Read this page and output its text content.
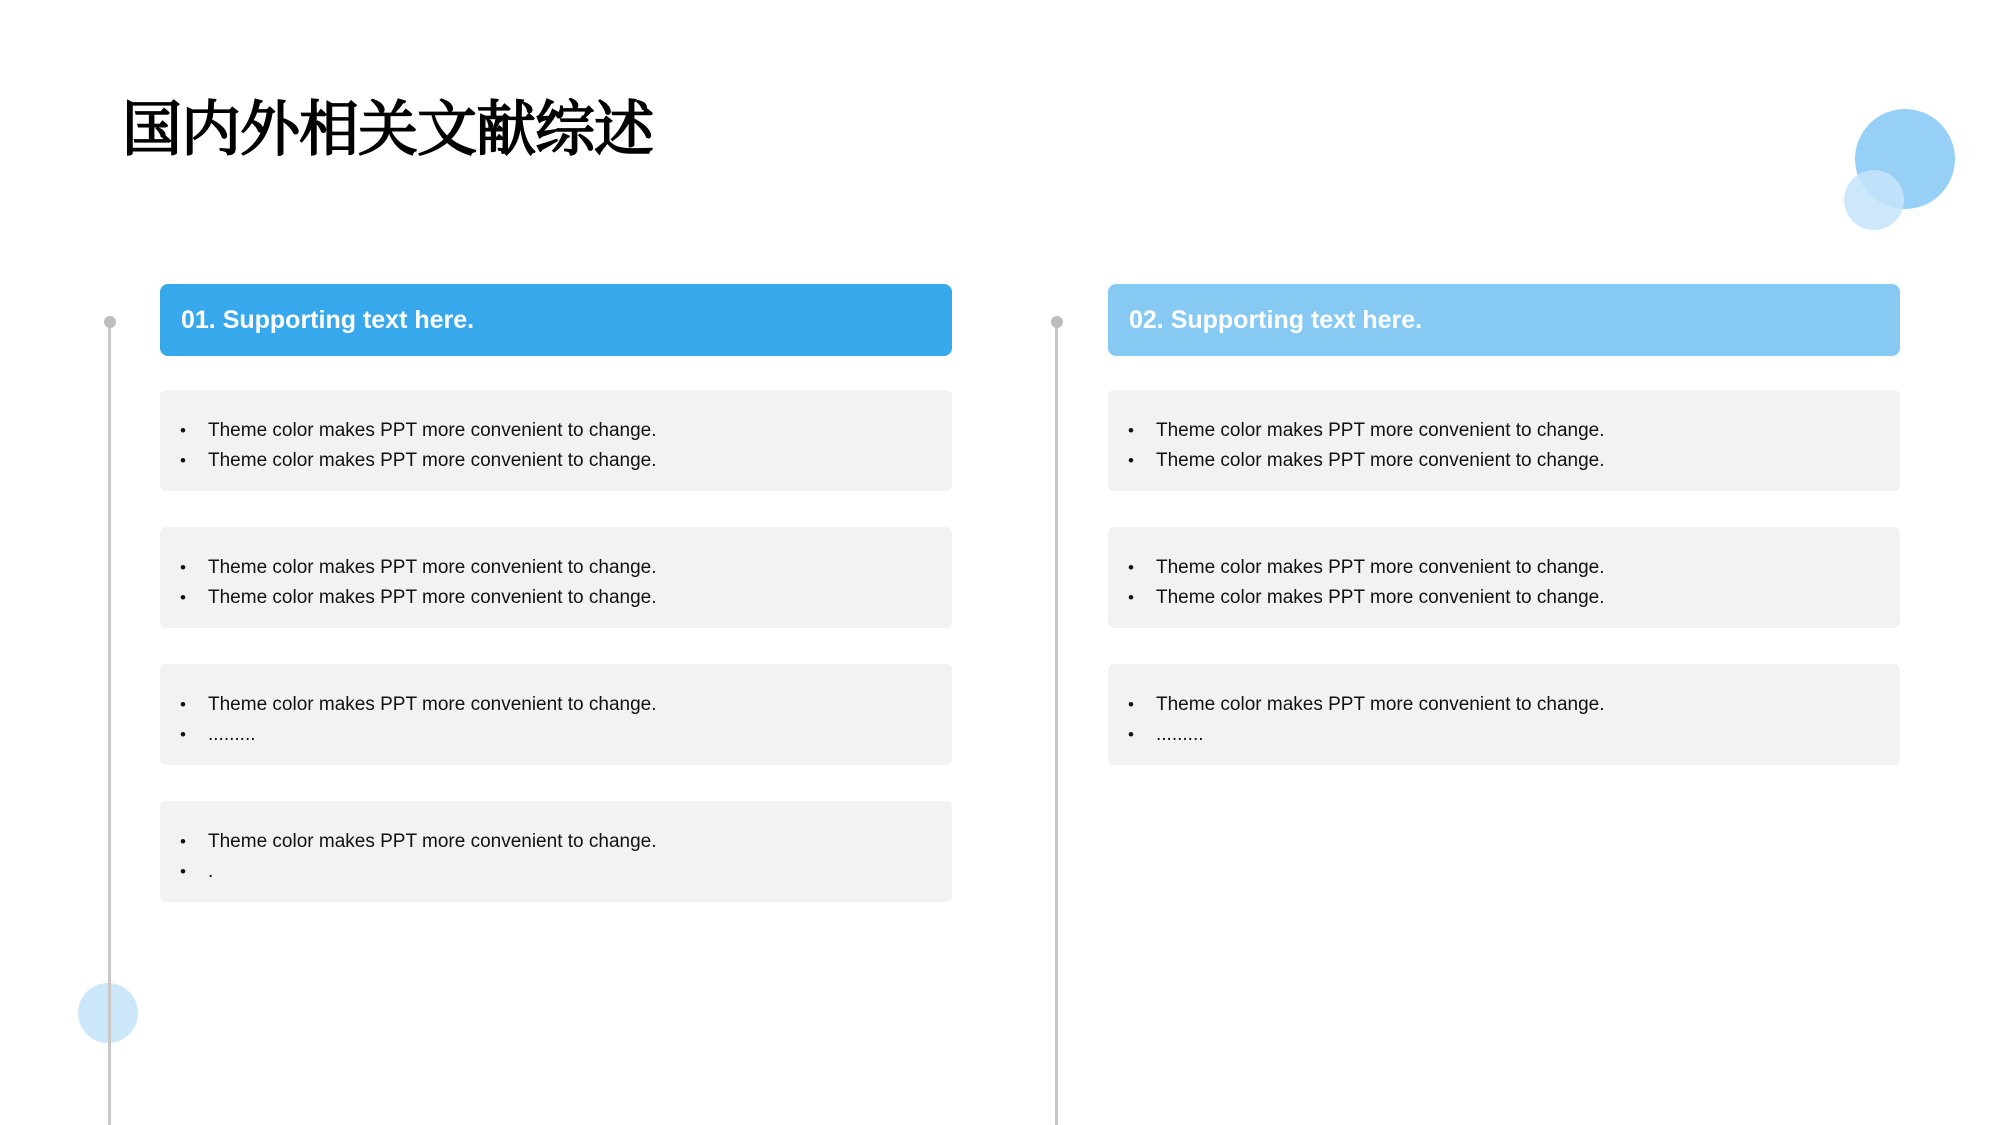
国内外相关文献综述
01. Supporting text here.
• Theme color makes PPT more convenient to change.
• Theme color makes PPT more convenient to change.
• Theme color makes PPT more convenient to change.
• Theme color makes PPT more convenient to change.
• Theme color makes PPT more convenient to change.
• .........
• Theme color makes PPT more convenient to change.
• .
02. Supporting text here.
• Theme color makes PPT more convenient to change.
• Theme color makes PPT more convenient to change.
• Theme color makes PPT more convenient to change.
• Theme color makes PPT more convenient to change.
• Theme color makes PPT more convenient to change.
• .........
